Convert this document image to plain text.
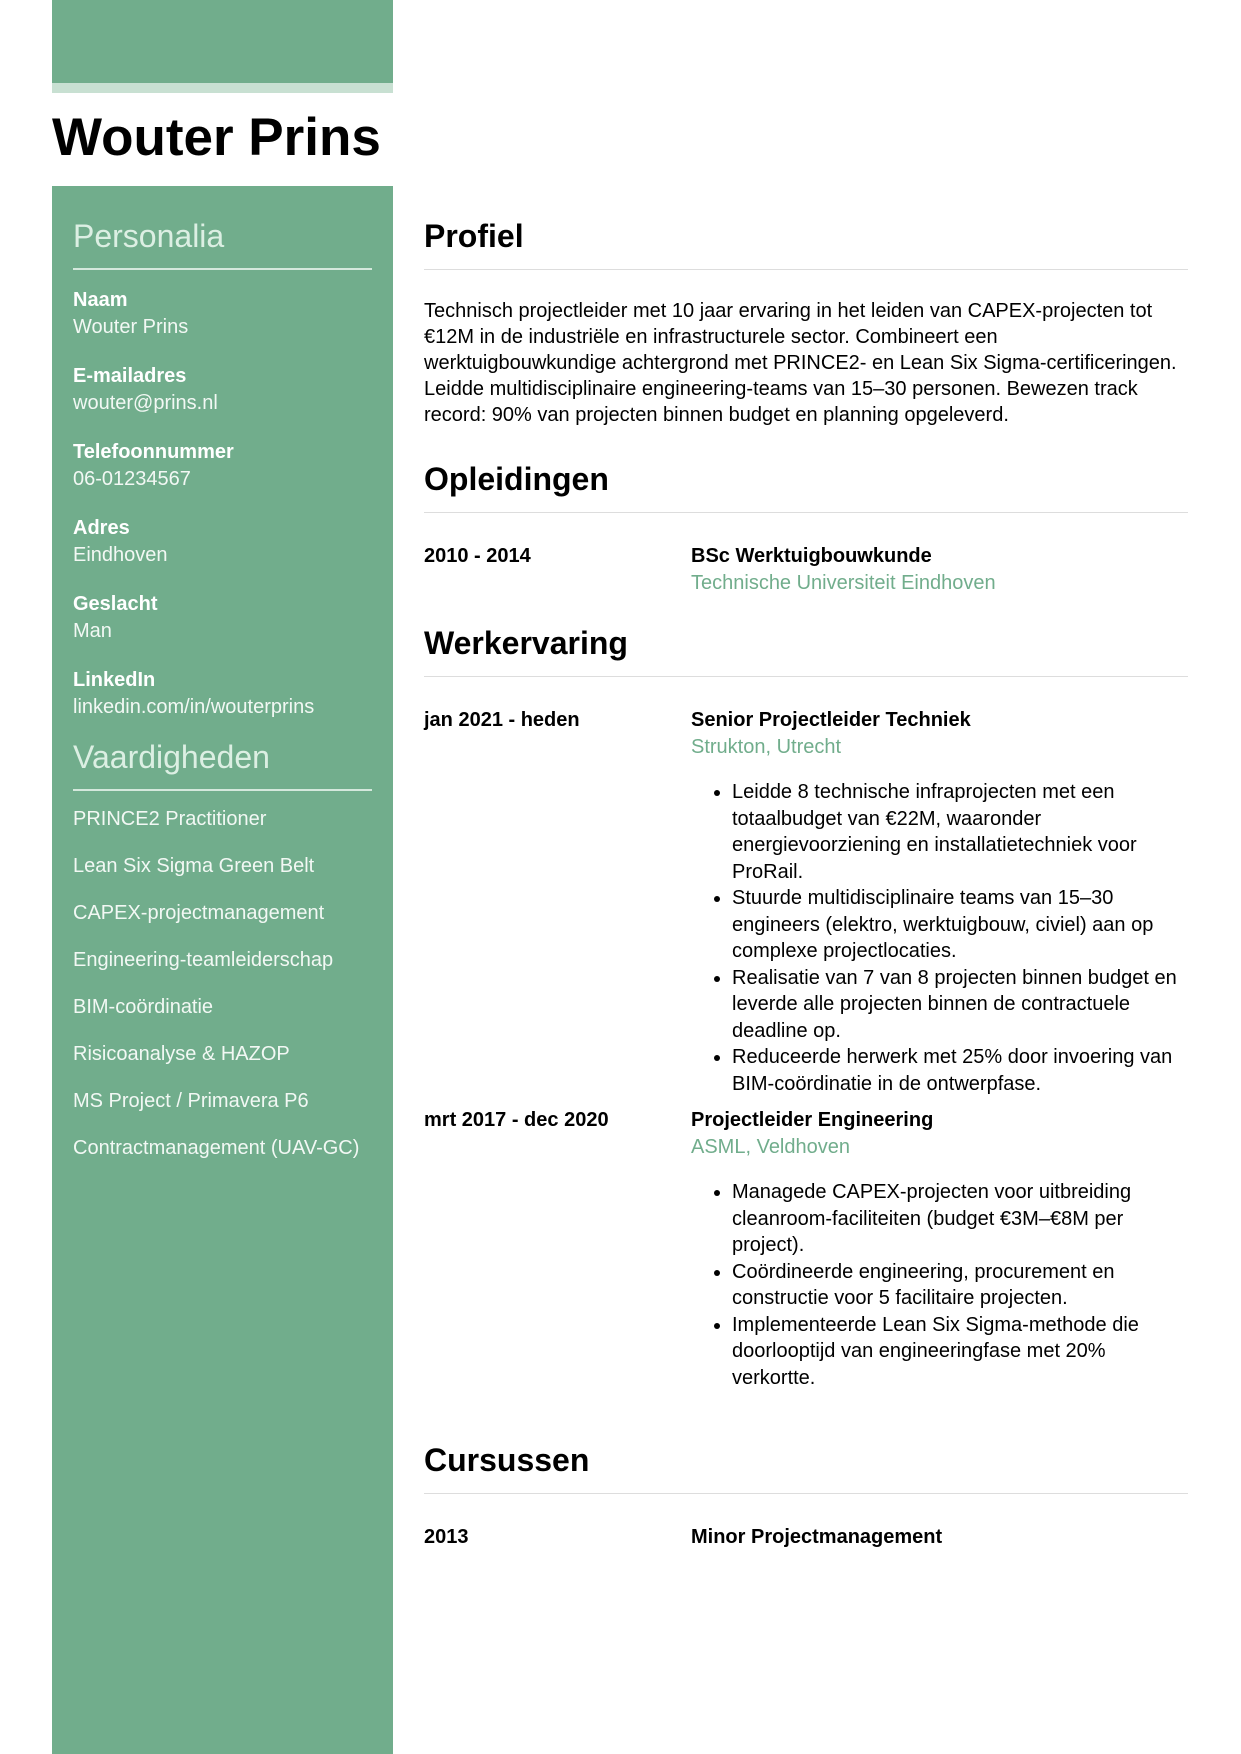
Wouter Prins
Personalia
Naam
Wouter Prins
E-mailadres
wouter@prins.nl
Telefoonnummer
06-01234567
Adres
Eindhoven
Geslacht
Man
LinkedIn
linkedin.com/in/wouterprins
Vaardigheden
PRINCE2 Practitioner
Lean Six Sigma Green Belt
CAPEX-projectmanagement
Engineering-teamleiderschap
BIM-coördinatie
Risicoanalyse & HAZOP
MS Project / Primavera P6
Contractmanagement (UAV-GC)
Profiel

Technisch projectleider met 10 jaar ervaring in het leiden van CAPEX-projecten tot €12M in de industriële en infrastructurele sector. Combineert een werktuigbouwkundige achtergrond met PRINCE2- en Lean Six Sigma-certificeringen. Leidde multidisciplinaire engineering-teams van 15–30 personen. Bewezen track record: 90% van projecten binnen budget en planning opgeleverd.

Opleidingen
2010 - 2014	BSc Werktuigbouwkunde
Technische Universiteit Eindhoven
Werkervaring
jan 2021 - heden	Senior Projectleider Techniek
Strukton, Utrecht
• Leidde 8 technische infraprojecten met een totaalbudget van €22M, waaronder energievoorziening en installatietechniek voor ProRail.
• Stuurde multidisciplinaire teams van 15–30 engineers (elektro, werktuigbouw, civiel) aan op complexe projectlocaties.
• Realisatie van 7 van 8 projecten binnen budget en leverde alle projecten binnen de contractuele deadline op.
• Reduceerde herwerk met 25% door invoering van BIM-coördinatie in de ontwerpfase.
mrt 2017 - dec 2020	Projectleider Engineering
ASML, Veldhoven
• Managede CAPEX-projecten voor uitbreiding cleanroom-faciliteiten (budget €3M–€8M per project).
• Coördineerde engineering, procurement en constructie voor 5 facilitaire projecten.
• Implementeerde Lean Six Sigma-methode die doorlooptijd van engineeringfase met 20% verkortte.
Cursussen
2013	Minor Projectmanagement
